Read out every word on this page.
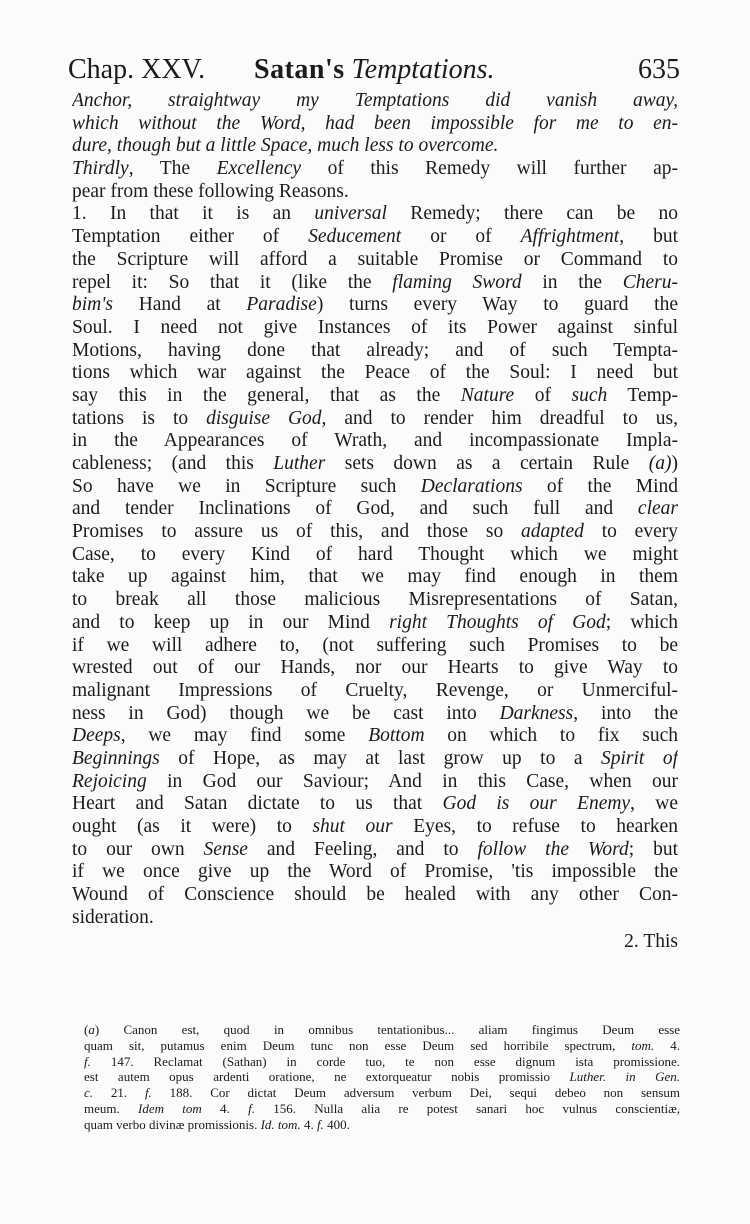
Chap. XXV. Satan's Temptations.	635
Anchor, straightway my Temptations did vanish away,
which without the Word, had been impossible for me to en-
dure, though but a little Space, much less to overcome.
Thirdly, The Excellency of this Remedy will further ap-
pear from these following Reasons.
1. In that it is an universal Remedy; there can be no
Temptation either of Seducement or of Affrightment, but
the Scripture will afford a suitable Promise or Command to
repel it: So that it (like the flaming Sword in the Cheru-
bim's Hand at Paradise) turns every Way to guard the
Soul. I need not give Instances of its Power against sinful
Motions, having done that already; and of such Tempta-
tions which war against the Peace of the Soul: I need but
say this in the general, that as the Nature of such Temp-
tations is to disguise God, and to render him dreadful to us,
in the Appearances of Wrath, and incompassionate Impla-
cableness; (and this Luther sets down as a certain Rule (a))
So have we in Scripture such Declarations of the Mind
and tender Inclinations of God, and such full and clear
Promises to assure us of this, and those so adapted to every
Case, to every Kind of hard Thought which we might
take up against him, that we may find enough in them
to break all those malicious Misrepresentations of Satan,
and to keep up in our Mind right Thoughts of God; which
if we will adhere to, (not suffering such Promises to be
wrested out of our Hands, nor our Hearts to give Way to
malignant Impressions of Cruelty, Revenge, or Unmerciful-
ness in God) though we be cast into Darkness, into the
Deeps, we may find some Bottom on which to fix such
Beginnings of Hope, as may at last grow up to a Spirit of
Rejoicing in God our Saviour; And in this Case, when our
Heart and Satan dictate to us that God is our Enemy, we
ought (as it were) to shut our Eyes, to refuse to hearken
to our own Sense and Feeling, and to follow the Word; but
if we once give up the Word of Promise, 'tis impossible the
Wound of Conscience should be healed with any other Con-
sideration.
2. This
(a) Canon est, quod in omnibus tentationibus... aliam fingimus Deum esse
quam sit, putamus enim Deum tunc non esse Deum sed horribile spectrum, tom. 4.
f. 147. Reclamat (Sathan) in corde tuo, te non esse dignum ista promissione.
est autem opus ardenti oratione, ne extorqueatur nobis promissio Luther. in Gen.
c. 21. f. 188. Cor dictat Deum adversum verbum Dei, sequi debeo non sensum
meum. Idem tom 4. f. 156. Nulla alia re potest sanari hoc vulnus conscientiæ,
quam verbo divinæ promissionis. Id. tom. 4. f. 400.
